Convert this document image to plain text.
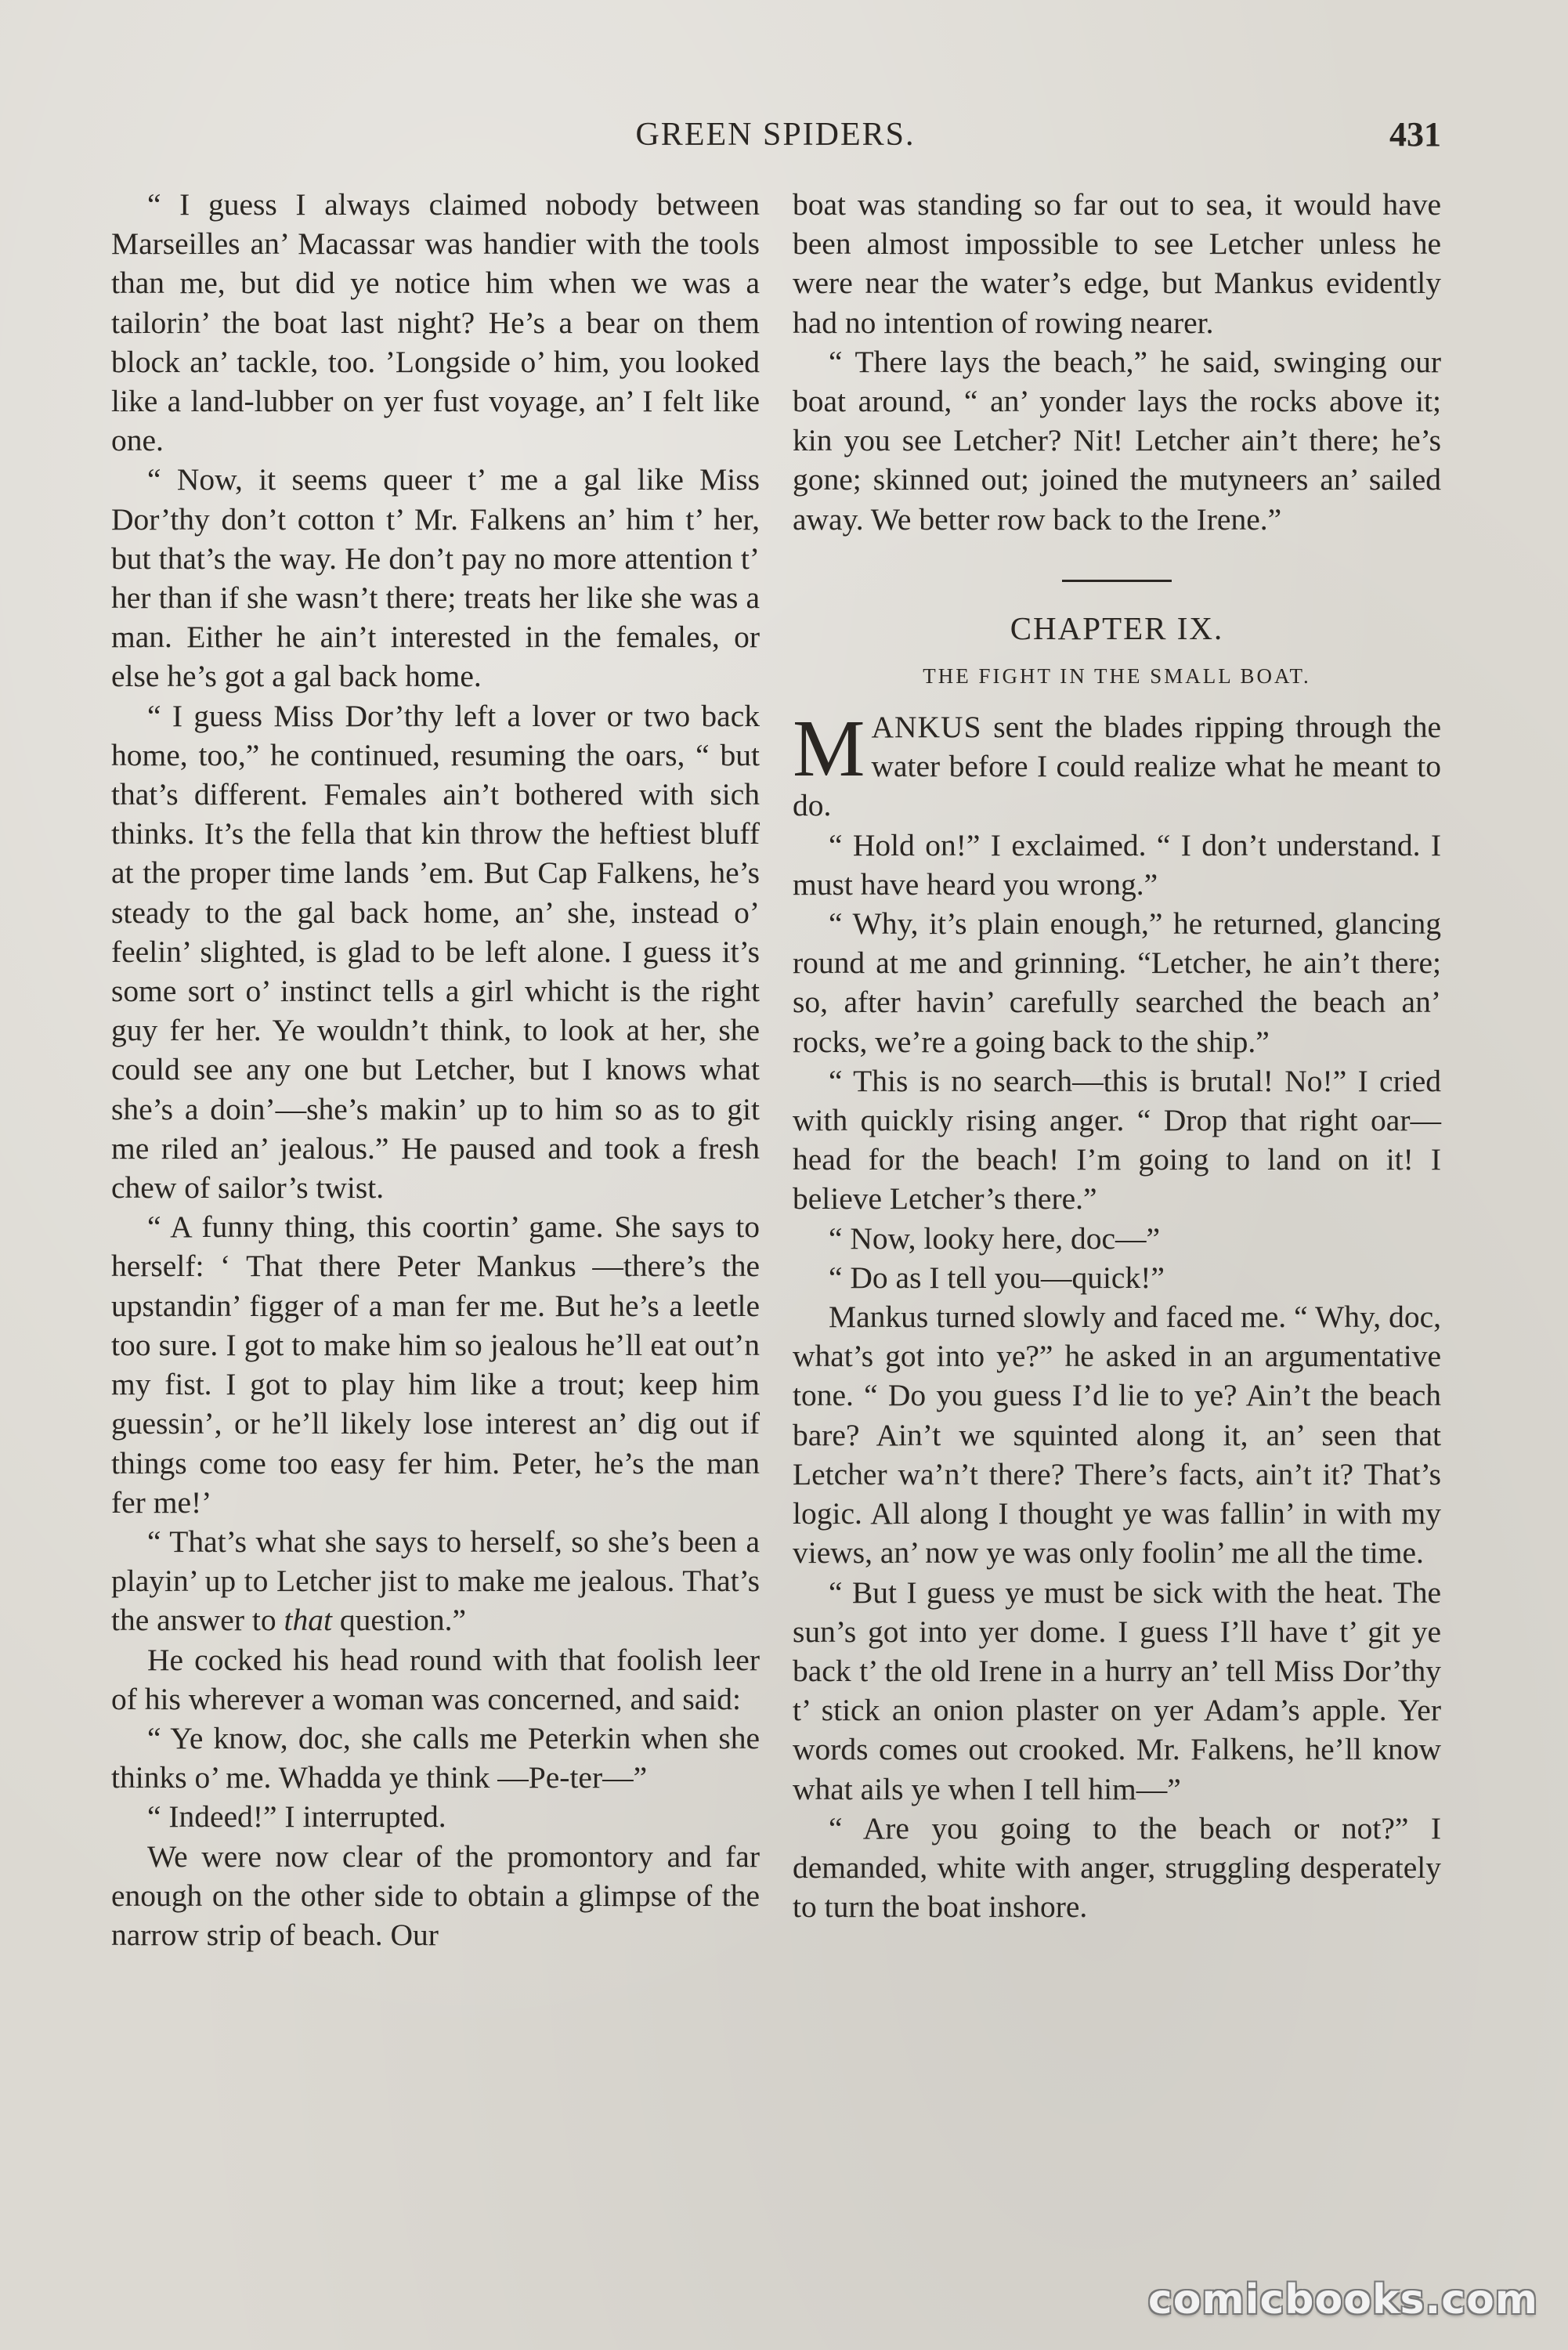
GREEN SPIDERS.	431

“ I guess I always claimed nobody between Marseilles an’ Macassar was handier with the tools than me, but did ye notice him when we was a tailorin’ the boat last night? He’s a bear on them block an’ tackle, too. ’Longside o’ him, you looked like a land-lubber on yer fust voyage, an’ I felt like one.

“ Now, it seems queer t’ me a gal like Miss Dor’thy don’t cotton t’ Mr. Falkens an’ him t’ her, but that’s the way. He don’t pay no more attention t’ her than if she wasn’t there; treats her like she was a man. Either he ain’t interested in the females, or else he’s got a gal back home.

“ I guess Miss Dor’thy left a lover or two back home, too,” he continued, resuming the oars, “ but that’s different. Females ain’t bothered with sich thinks. It’s the fella that kin throw the heftiest bluff at the proper time lands ’em. But Cap Falkens, he’s steady to the gal back home, an’ she, instead o’ feelin’ slighted, is glad to be left alone. I guess it’s some sort o’ instinct tells a girl whicht is the right guy fer her. Ye wouldn’t think, to look at her, she could see any one but Letcher, but I knows what she’s a doin’—she’s makin’ up to him so as to git me riled an’ jealous.” He paused and took a fresh chew of sailor’s twist.

“ A funny thing, this coortin’ game. She says to herself: ‘ That there Peter Mankus —there’s the upstandin’ figger of a man fer me. But he’s a leetle too sure. I got to make him so jealous he’ll eat out’n my fist. I got to play him like a trout; keep him guessin’, or he’ll likely lose interest an’ dig out if things come too easy fer him. Peter, he’s the man fer me!’

“ That’s what she says to herself, so she’s been a playin’ up to Letcher jist to make me jealous. That’s the answer to that question.”

He cocked his head round with that foolish leer of his wherever a woman was concerned, and said:

“ Ye know, doc, she calls me Peterkin when she thinks o’ me. Whadda ye think —Pe-ter—”

“ Indeed!” I interrupted.

We were now clear of the promontory and far enough on the other side to obtain a glimpse of the narrow strip of beach. Our

boat was standing so far out to sea, it would have been almost impossible to see Letcher unless he were near the water’s edge, but Mankus evidently had no intention of rowing nearer.

“ There lays the beach,” he said, swinging our boat around, “ an’ yonder lays the rocks above it; kin you see Letcher? Nit! Letcher ain’t there; he’s gone; skinned out; joined the mutyneers an’ sailed away. We better row back to the Irene.”

CHAPTER IX.
THE FIGHT IN THE SMALL BOAT.

MANKUS sent the blades ripping through the water before I could realize what he meant to do.

“ Hold on!” I exclaimed. “ I don’t understand. I must have heard you wrong.”

“ Why, it’s plain enough,” he returned, glancing round at me and grinning. “Letcher, he ain’t there; so, after havin’ carefully searched the beach an’ rocks, we’re a going back to the ship.”

“ This is no search—this is brutal! No!” I cried with quickly rising anger. “ Drop that right oar—head for the beach! I’m going to land on it! I believe Letcher’s there.”

“ Now, looky here, doc—”

“ Do as I tell you—quick!”

Mankus turned slowly and faced me. “ Why, doc, what’s got into ye?” he asked in an argumentative tone. “ Do you guess I’d lie to ye? Ain’t the beach bare? Ain’t we squinted along it, an’ seen that Letcher wa’n’t there? There’s facts, ain’t it? That’s logic. All along I thought ye was fallin’ in with my views, an’ now ye was only foolin’ me all the time.

“ But I guess ye must be sick with the heat. The sun’s got into yer dome. I guess I’ll have t’ git ye back t’ the old Irene in a hurry an’ tell Miss Dor’thy t’ stick an onion plaster on yer Adam’s apple. Yer words comes out crooked. Mr. Falkens, he’ll know what ails ye when I tell him—”

“ Are you going to the beach or not?” I demanded, white with anger, struggling desperately to turn the boat inshore.

comicbooks.com
